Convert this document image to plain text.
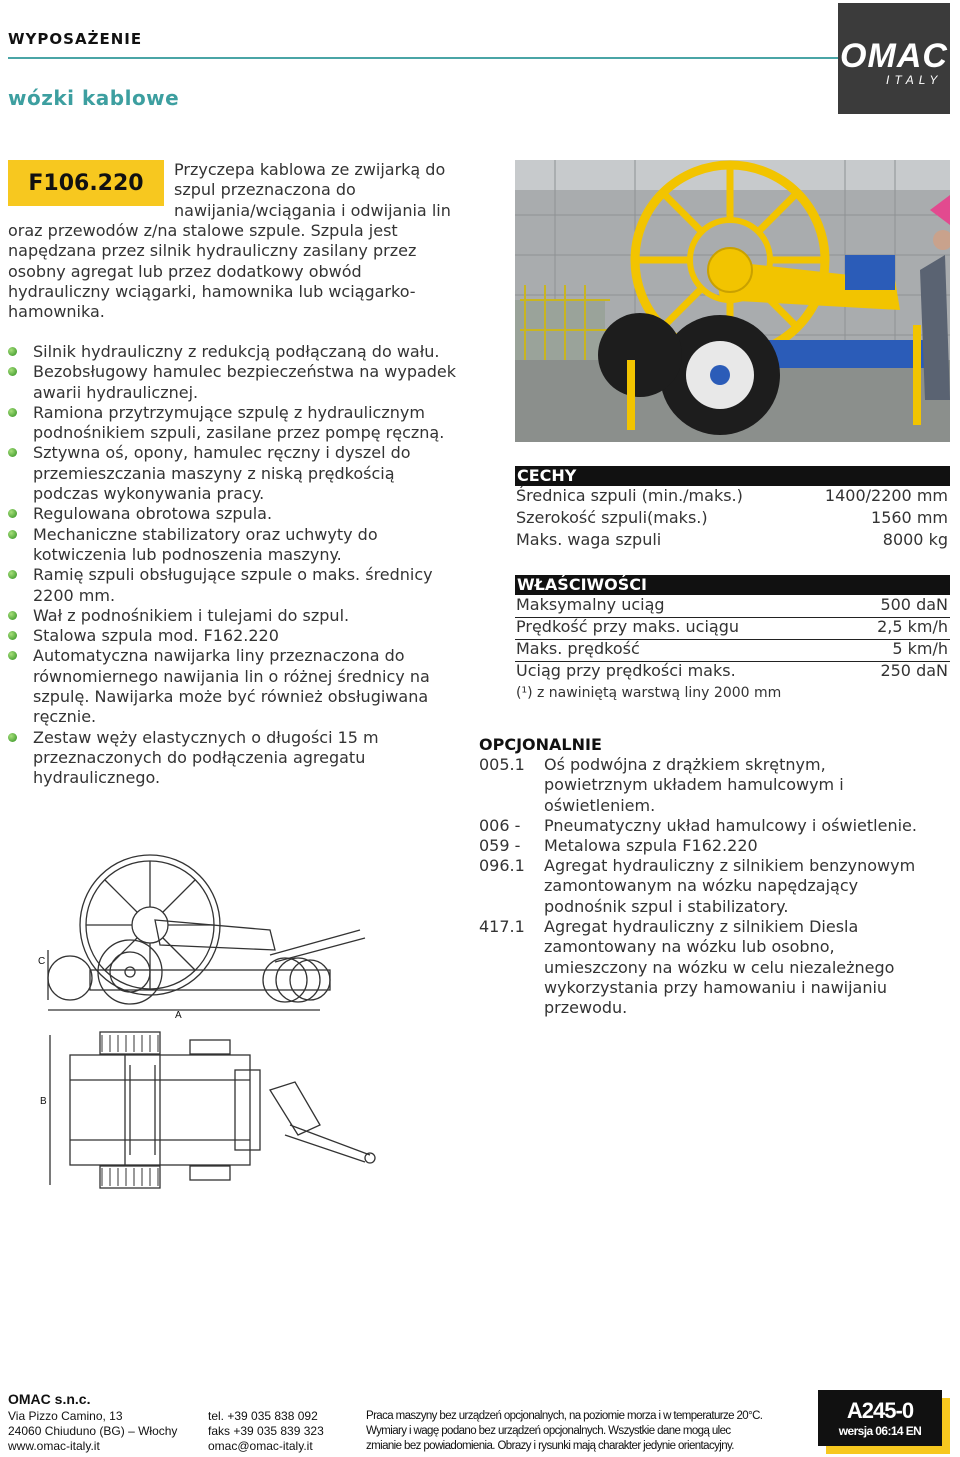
WYPOSAŻENIE
wózki kablowe
OMAC
ITALY
F106.220
Przyczepa kablowa ze zwijarką do
szpul przeznaczona do
nawijania/wciągania i odwijania lin
oraz przewodów z/na stalowe szpule. Szpula jest
napędzana przez silnik hydrauliczny zasilany przez
osobny agregat lub przez dodatkowy obwód
hydrauliczny wciągarki, hamownika lub wciągarko-
hamownika.
Silnik hydrauliczny z redukcją podłączaną do wału.
Bezobsługowy hamulec bezpieczeństwa na wypadek
awarii hydraulicznej.
Ramiona przytrzymujące szpulę z hydraulicznym
podnośnikiem szpuli, zasilane przez pompę ręczną.
Sztywna oś, opony, hamulec ręczny i dyszel do
przemieszczania maszyny z niską prędkością
podczas wykonywania pracy.
Regulowana obrotowa szpula.
Mechaniczne stabilizatory oraz uchwyty do
kotwiczenia lub podnoszenia maszyny.
Ramię szpuli obsługujące szpule o maks. średnicy
2200 mm.
Wał z podnośnikiem i tulejami do szpul.
Stalowa szpula mod. F162.220
Automatyczna nawijarka liny przeznaczona do
równomiernego nawijania lin o różnej średnicy na
szpulę. Nawijarka może być również obsługiwana
ręcznie.
Zestaw węży elastycznych o długości 15 m
przeznaczonych do podłączenia agregatu
hydraulicznego.
CECHY
Średnica szpuli (min./maks.)	1400/2200 mm
Szerokość szpuli(maks.)	1560 mm
Maks. waga szpuli	8000 kg
WŁAŚCIWOŚCI
Maksymalny uciąg	500 daN
Prędkość przy maks. uciągu	2,5 km/h
Maks. prędkość	5 km/h
Uciąg przy prędkości maks.	250 daN
(¹) z nawiniętą warstwą liny 2000 mm
OPCJONALNIE
005.1 Oś podwójna z drążkiem skrętnym,
powietrznym układem hamulcowym i
oświetleniem.
006 - Pneumatyczny układ hamulcowy i oświetlenie.
059 - Metalowa szpula F162.220
096.1 Agregat hydrauliczny z silnikiem benzynowym
zamontowanym na wózku napędzający
podnośnik szpul i stabilizatory.
417.1 Agregat hydrauliczny z silnikiem Diesla
zamontowany na wózku lub osobno,
umieszczony na wózku w celu niezależnego
wykorzystania przy hamowaniu i nawijaniu
przewodu.
C
A
B
OMAC s.n.c.
Via Pizzo Camino, 13
24060 Chiuduno (BG) – Włochy
www.omac-italy.it
tel. +39 035 838 092
faks +39 035 839 323
omac@omac-italy.it
Praca maszyny bez urządzeń opcjonalnych, na poziomie morza i w temperaturze 20°C.
Wymiary i wagę podano bez urządzeń opcjonalnych. Wszystkie dane mogą ulec
zmianie bez powiadomienia. Obrazy i rysunki mają charakter jedynie orientacyjny.
A245-0
wersja 06:14 EN
